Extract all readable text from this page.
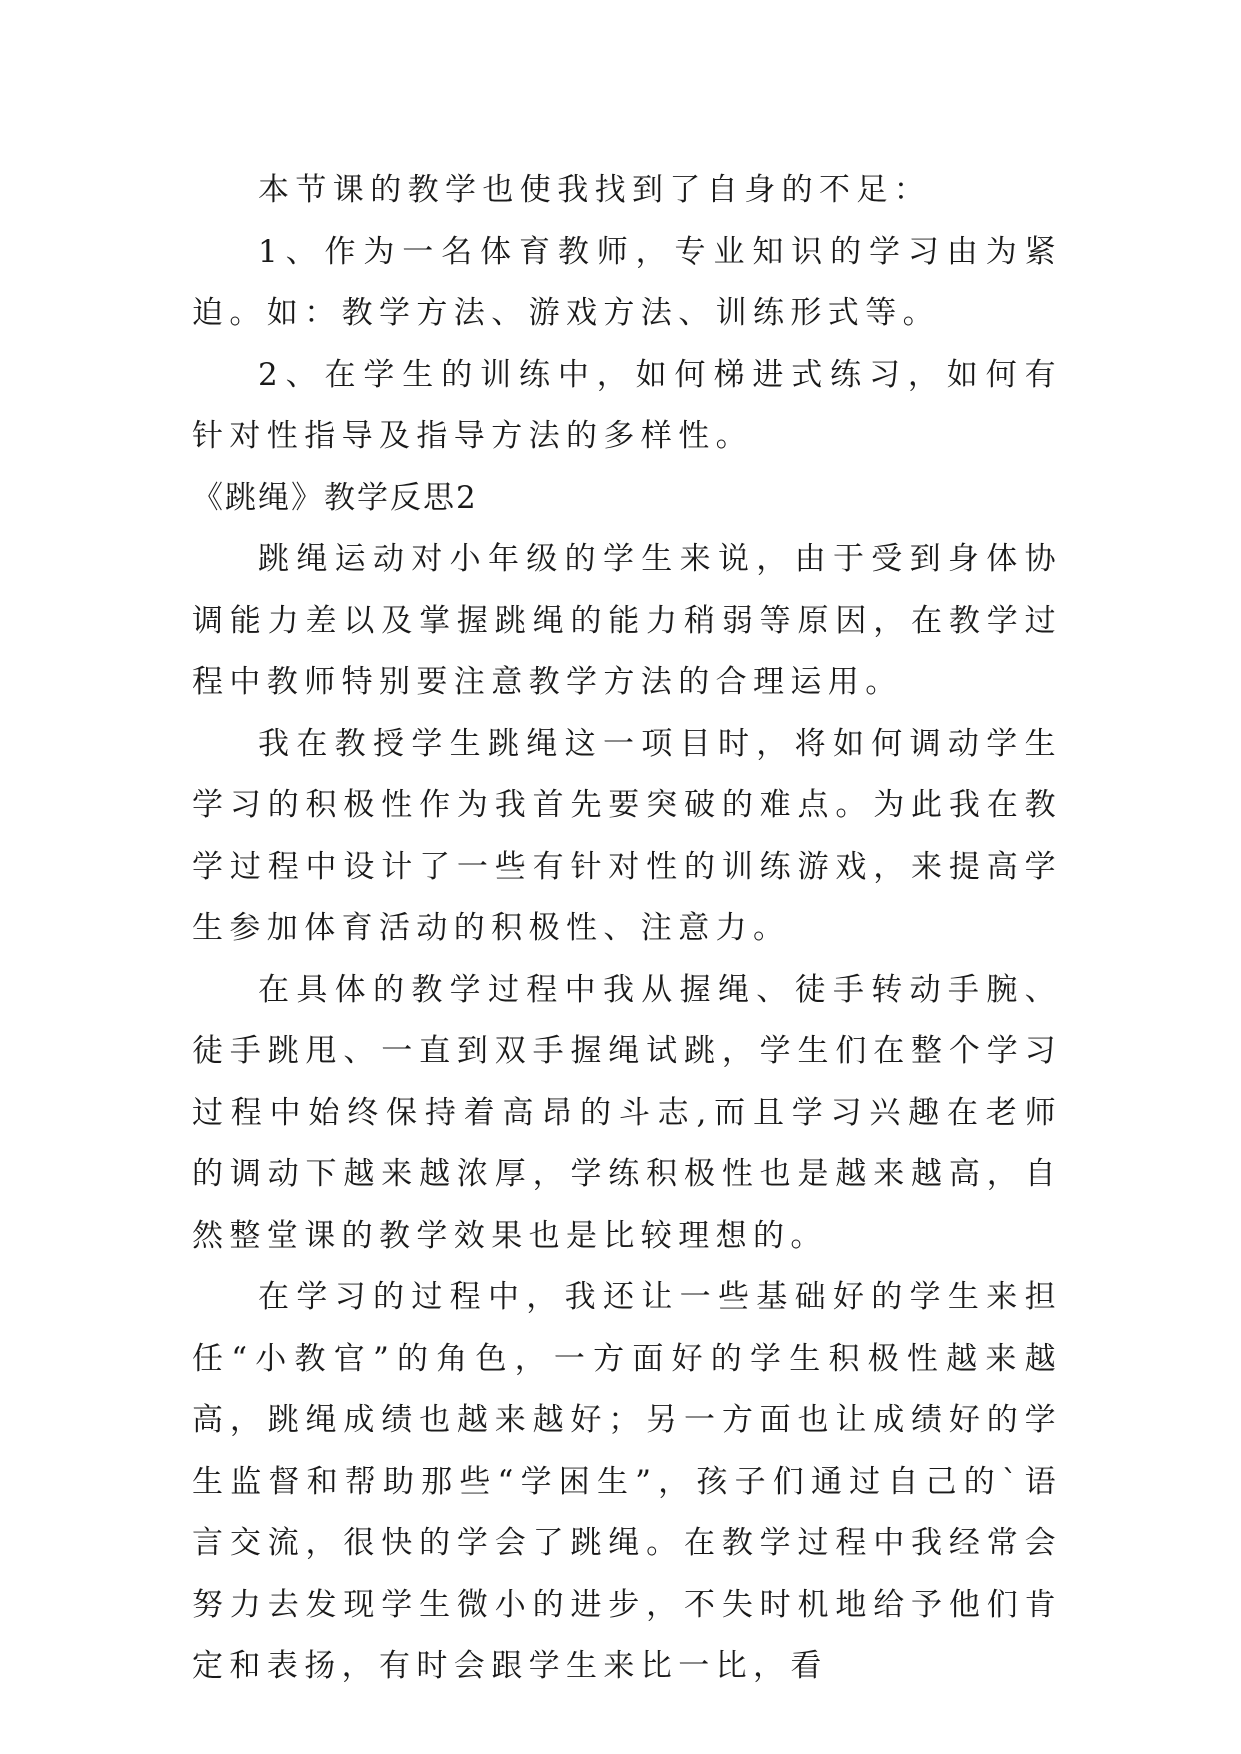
本节课的教学也使我找到了自身的不足：

1、作为一名体育教师，专业知识的学习由为紧迫。如：教学方法、游戏方法、训练形式等。

2、在学生的训练中，如何梯进式练习，如何有针对性指导及指导方法的多样性。

《跳绳》教学反思2

跳绳运动对小年级的学生来说，由于受到身体协调能力差以及掌握跳绳的能力稍弱等原因，在教学过程中教师特别要注意教学方法的合理运用。

我在教授学生跳绳这一项目时，将如何调动学生学习的积极性作为我首先要突破的难点。为此我在教学过程中设计了一些有针对性的训练游戏，来提高学生参加体育活动的积极性、注意力。

在具体的教学过程中我从握绳、徒手转动手腕、徒手跳甩、一直到双手握绳试跳，学生们在整个学习过程中始终保持着高昂的斗志,而且学习兴趣在老师的调动下越来越浓厚，学练积极性也是越来越高，自然整堂课的教学效果也是比较理想的。

在学习的过程中，我还让一些基础好的学生来担任“小教官”的角色，一方面好的学生积极性越来越高，跳绳成绩也越来越好；另一方面也让成绩好的学生监督和帮助那些“学困生”，孩子们通过自己的`语言交流，很快的学会了跳绳。在教学过程中我经常会努力去发现学生微小的进步，不失时机地给予他们肯定和表扬，有时会跟学生来比一比，看
